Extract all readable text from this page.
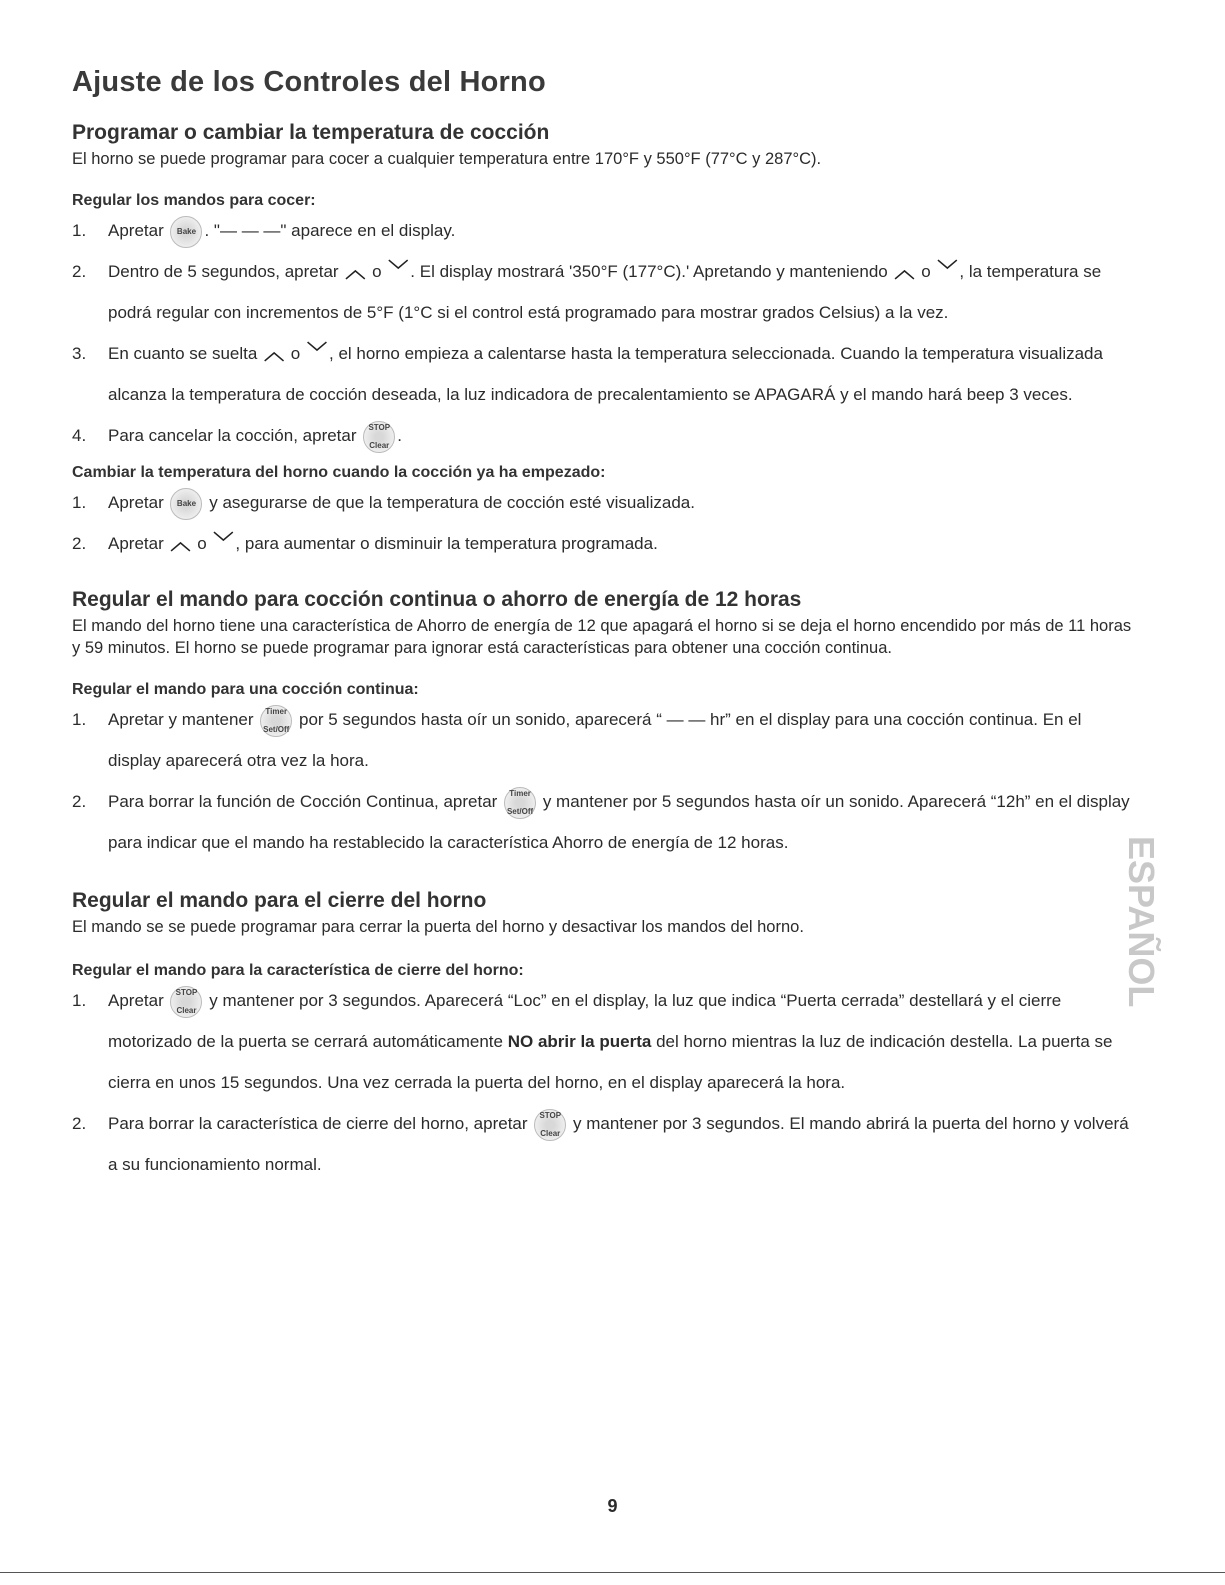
Ajuste de los Controles del Horno
Programar o cambiar la temperatura de cocción

El horno se puede programar para cocer a cualquier temperatura entre 170°F y 550°F (77°C y 287°C).

Regular los mandos para cocer:
1. Apretar Bake . "— — —" aparece en el display.
2. Dentro de 5 segundos, apretar ︿ o ﹀ . El display mostrará '350°F (177°C).' Apretando y manteniendo ︿ o ﹀ , la temperatura se podrá regular con incrementos de 5°F (1°C si el control está programado para mostrar grados Celsius) a la vez.
3. En cuanto se suelta ︿ o ﹀ , el horno empieza a calentarse hasta la temperatura seleccionada. Cuando la temperatura visualizada alcanza la temperatura de cocción deseada, la luz indicadora de precalentamiento se APAGARÁ y el mando hará beep 3 veces.
4. Para cancelar la cocción, apretar STOP

Clear
.
Cambiar la temperatura del horno cuando la cocción ya ha empezado:
1. Apretar Bake y asegurarse de que la temperatura de cocción esté visualizada.
2. Apretar ︿ o ﹀ , para aumentar o disminuir la temperatura programada.
Regular el mando para cocción continua o ahorro de energía de 12 horas

El mando del horno tiene una característica de Ahorro de energía de 12 que apagará el horno si se deja el horno encendido por más de 11 horas y 59 minutos. El horno se puede programar para ignorar está características para obtener una cocción continua.

Regular el mando para una cocción continua:
1. Apretar y mantener Timer

Set/Off
por 5 segundos hasta oír un sonido, aparecerá “ — — hr” en el display para una cocción continua. En el display aparecerá otra vez la hora.
2. Para borrar la función de Cocción Continua, apretar Timer

Set/Off
y mantener por 5 segundos hasta oír un sonido. Aparecerá “12h” en el display para indicar que el mando ha restablecido la característica Ahorro de energía de 12 horas.
Regular el mando para el cierre del horno

El mando se se puede programar para cerrar la puerta del horno y desactivar los mandos del horno.

Regular el mando para la característica de cierre del horno:
1. Apretar STOP

Clear
y mantener por 3 segundos. Aparecerá “Loc” en el display, la luz que indica “Puerta cerrada” destellará y el cierre motorizado de la puerta se cerrará automáticamente NO abrir la puerta del horno mientras la luz de indicación destella. La puerta se cierra en unos 15 segundos. Una vez cerrada la puerta del horno, en el display aparecerá la hora.
2. Para borrar la característica de cierre del horno, apretar STOP

Clear
y mantener por 3 segundos. El mando abrirá la puerta del horno y volverá a su funcionamiento normal.
ESPAÑOL
9
